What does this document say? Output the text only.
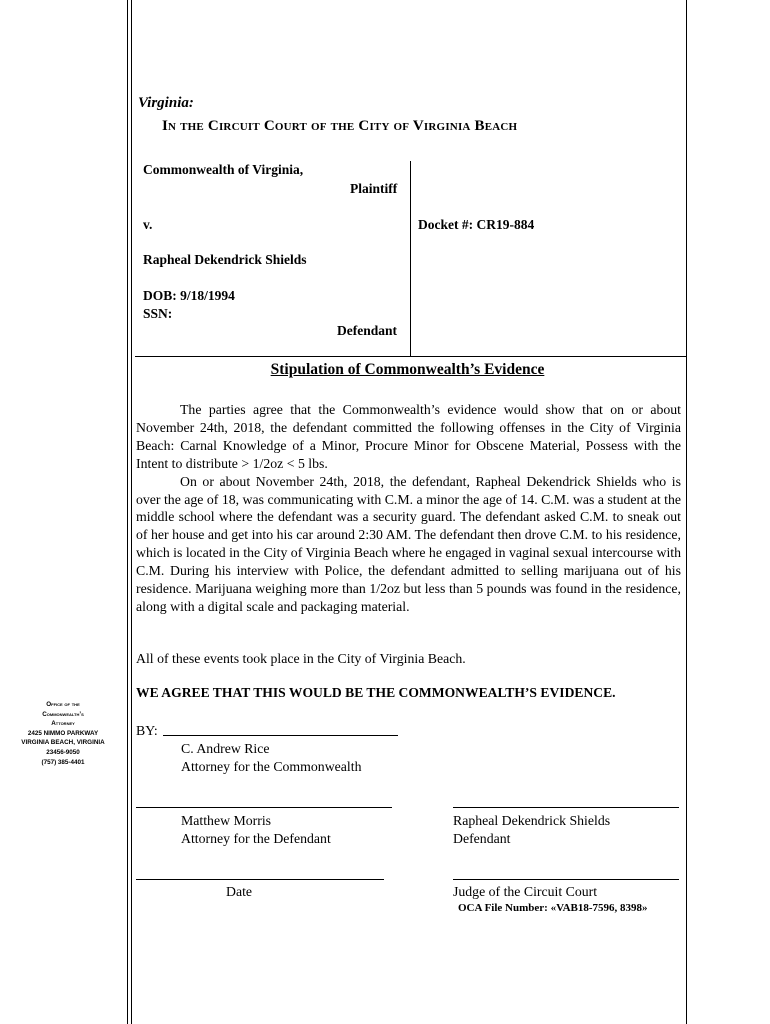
Virginia:
In the Circuit Court of the City of Virginia Beach
Commonwealth of Virginia,
Plaintiff
v.	Docket #: CR19-884
Rapheal Dekendrick Shields
DOB: 9/18/1994
SSN:
Defendant
Stipulation of Commonwealth’s Evidence

The parties agree that the Commonwealth’s evidence would show that on or about November 24th, 2018, the defendant committed the following offenses in the City of Virginia Beach: Carnal Knowledge of a Minor, Procure Minor for Obscene Material, Possess with the Intent to distribute > 1/2oz < 5 lbs.

On or about November 24th, 2018, the defendant, Rapheal Dekendrick Shields who is over the age of 18, was communicating with C.M. a minor the age of 14. C.M. was a student at the middle school where the defendant was a security guard. The defendant asked C.M. to sneak out of her house and get into his car around 2:30 AM. The defendant then drove C.M. to his residence, which is located in the City of Virginia Beach where he engaged in vaginal sexual intercourse with C.M. During his interview with Police, the defendant admitted to selling marijuana out of his residence. Marijuana weighing more than 1/2oz but less than 5 pounds was found in the residence, along with a digital scale and packaging material.

All of these events took place in the City of Virginia Beach.
WE AGREE THAT THIS WOULD BE THE COMMONWEALTH’S EVIDENCE.
Office of the
Commonwealth’s
Attorney
2425 NIMMO PARKWAY
VIRGINIA BEACH, VIRGINIA
23456-9050
(757) 385-4401
BY:
C. Andrew Rice
Attorney for the Commonwealth
Matthew Morris
Attorney for the Defendant
Rapheal Dekendrick Shields
Defendant
Date	Judge of the Circuit Court
OCA File Number: «VAB18-7596, 8398»
